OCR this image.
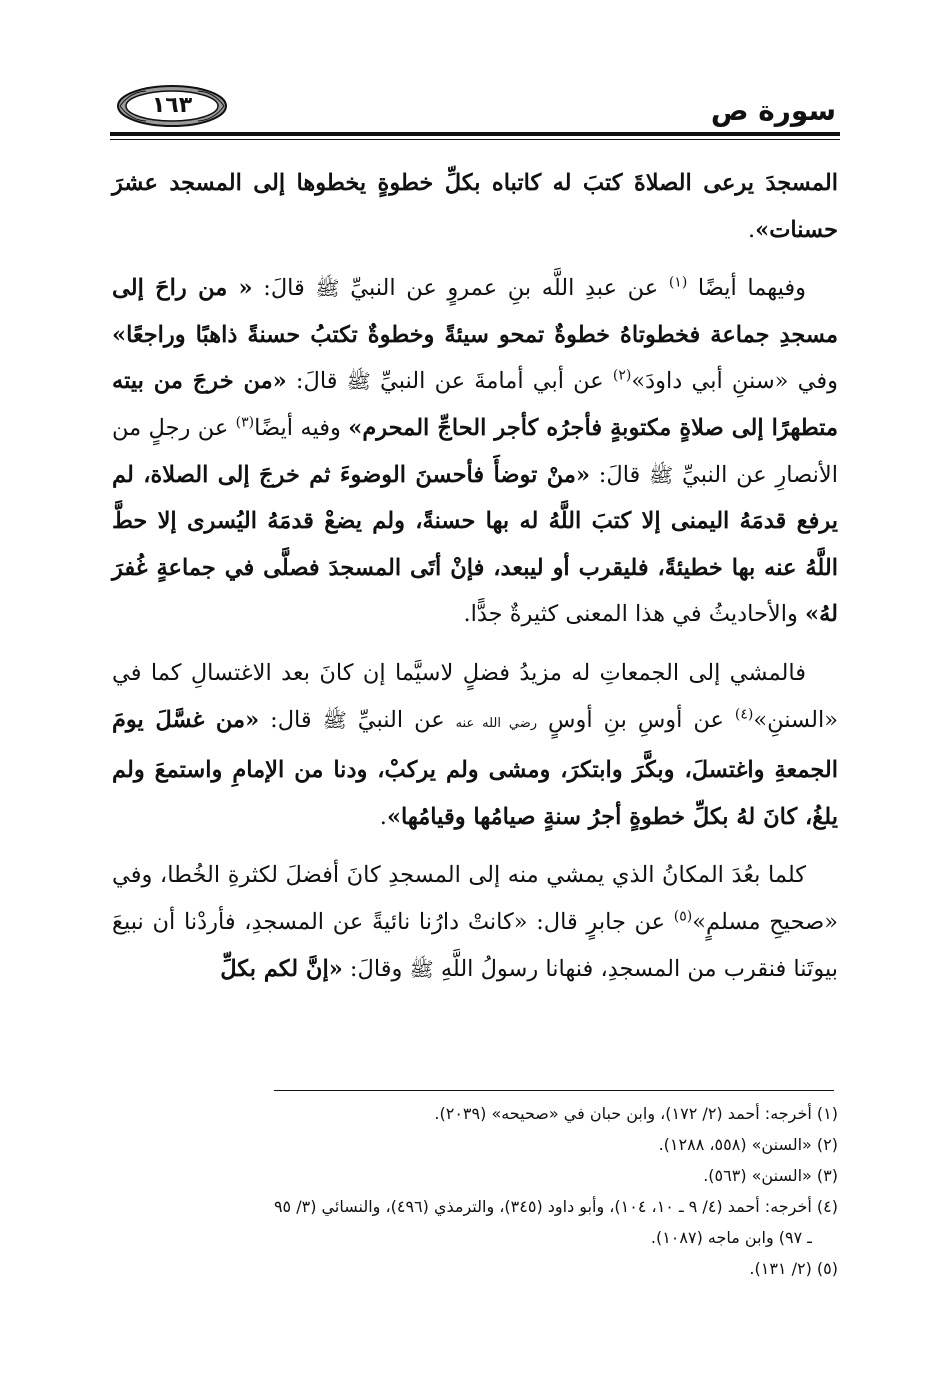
سورة ص
١٦٣

المسجدَ يرعى الصلاةَ كتبَ له كاتباه بكلِّ خطوةٍ يخطوها إلى المسجد عشرَ حسنات».

وفيهما أيضًا $^{(١)}$ عن عبدِ اللَّه بنِ عمروٍ عن النبيِّ ﷺ قالَ: « من راحَ إلى مسجدِ جماعة فخطوتاهُ خطوةٌ تمحو سيئةً وخطوةٌ تكتبُ حسنةً ذاهبًا وراجعًا» وفي «سننِ أبي داودَ»$^{(٢)}$ عن أبي أمامةَ عن النبيِّ ﷺ قالَ: «من خرجَ من بيته متطهرًا إلى صلاةٍ مكتوبةٍ فأجرُه كأجر الحاجِّ المحرم» وفيه أيضًا$^{(٣)}$ عن رجلٍ من الأنصارِ عن النبيِّ ﷺ قالَ: «منْ توضأَ فأحسنَ الوضوءَ ثم خرجَ إلى الصلاة، لم يرفع قدمَهُ اليمنى إلا كتبَ اللَّهُ له بها حسنةً، ولم يضعْ قدمَهُ اليُسرى إلا حطَّ اللَّهُ عنه بها خطيئةً، فليقرب أو ليبعد، فإنْ أتَى المسجدَ فصلَّى في جماعةٍ غُفرَ لهُ» والأحاديثُ في هذا المعنى كثيرةٌ جدًّا.

فالمشي إلى الجمعاتِ له مزيدُ فضلٍ لاسيَّما إن كانَ بعد الاغتسالِ كما في «السننِ»$^{(٤)}$ عن أوسِ بنِ أوسٍ رضي الله عنه عن النبيِّ ﷺ قال: «من غسَّلَ يومَ الجمعةِ واغتسلَ، وبكَّرَ وابتكرَ، ومشى ولم يركبْ، ودنا من الإمامِ واستمعَ ولم يلغُ، كانَ لهُ بكلِّ خطوةٍ أجرُ سنةٍ صيامُها وقيامُها».

كلما بعُدَ المكانُ الذي يمشي منه إلى المسجدِ كانَ أفضلَ لكثرةِ الخُطا، وفي «صحيحِ مسلمٍ»$^{(٥)}$ عن جابرٍ قال: «كانتْ دارُنا نائيةً عن المسجدِ، فأردْنا أن نبيعَ بيوتَنا فنقرب من المسجدِ، فنهانا رسولُ اللَّهِ ﷺ وقالَ: «إنَّ لكم بكلِّ

(١) أخرجه: أحمد (٢/ ١٧٢)، وابن حبان في «صحيحه» (٢٠٣٩).
(٢) «السنن» (٥٥٨، ١٢٨٨).
(٣) «السنن» (٥٦٣).
(٤) أخرجه: أحمد (٤/ ٩ ـ ١٠، ١٠٤)، وأبو داود (٣٤٥)، والترمذي (٤٩٦)، والنسائي (٣/ ٩٥
ـ ٩٧) وابن ماجه (١٠٨٧).
(٥) (٢/ ١٣١).
